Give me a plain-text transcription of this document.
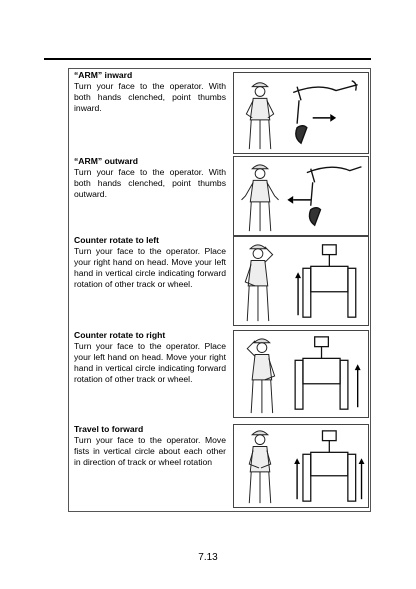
“ARM” inward
Turn your face to the operator. With both hands clenched, point thumbs inward.
“ARM” outward
Turn your face to the operator. With both hands clenched, point thumbs outward.
Counter rotate to left
Turn your face to the operator. Place your right hand on head. Move your left hand in vertical circle indicating forward rotation of other track or wheel.
Counter rotate to right
Turn your face to the operator. Place your left hand on head. Move your right hand in vertical circle indicating forward rotation of other track or wheel.
Travel to forward
Turn your face to the operator. Move fists in vertical circle about each other in direction of track or wheel rotation
7.13
